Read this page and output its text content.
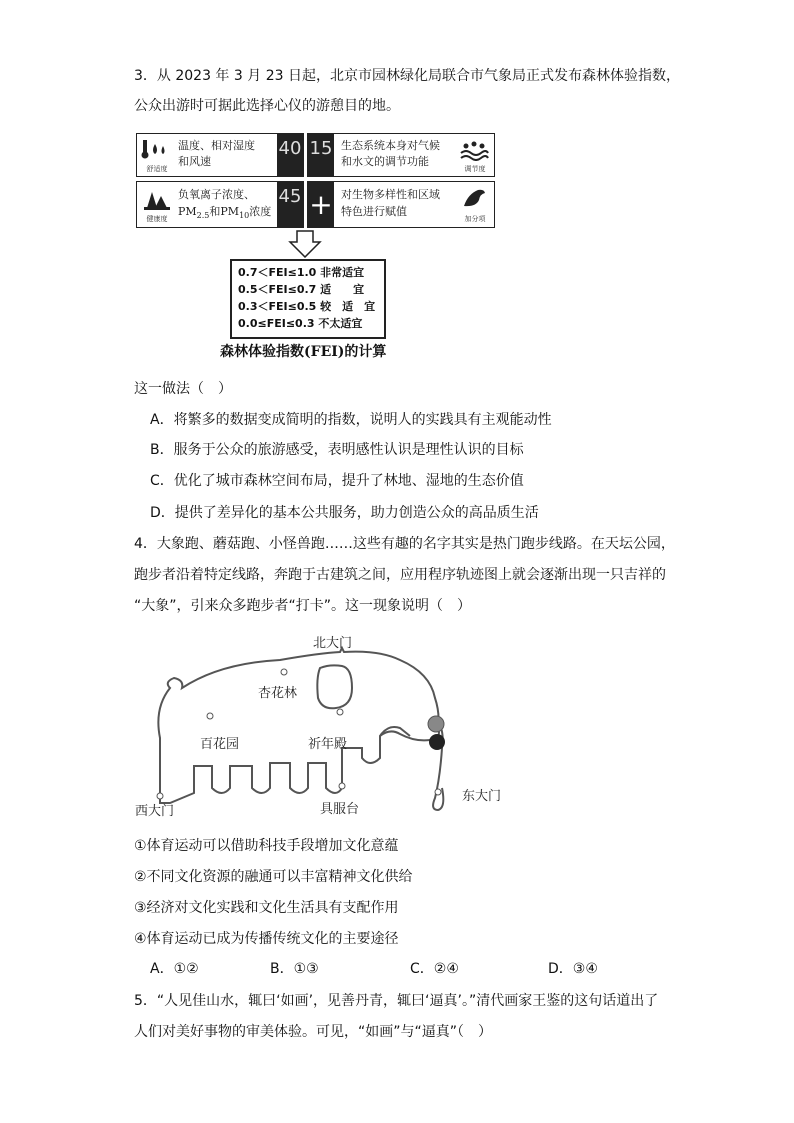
3．从 2023 年 3 月 23 日起，北京市园林绿化局联合市气象局正式发布森林体验指数，
公众出游时可据此选择心仪的游憩目的地。
舒适度
温度、相对湿度
和风速
40 15 生态系统本身对气候
和水文的调节功能
调节度
健康度
负氧离子浓度、
$PM_{2.5}$和$PM_{10}$浓度
45 + 对生物多样性和区域
特色进行赋值
加分项
0.7＜FEI≤1.0 非常适宜
0.5＜FEI≤0.7 适　　宜
0.3＜FEI≤0.5 较　适　宜
0.0≤FEI≤0.3 不太适宜
森林体验指数(FEI)的计算
这一做法（　）
A．将繁多的数据变成简明的指数，说明人的实践具有主观能动性
B．服务于公众的旅游感受，表明感性认识是理性认识的目标
C．优化了城市森林空间布局，提升了林地、湿地的生态价值
D．提供了差异化的基本公共服务，助力创造公众的高品质生活
4．大象跑、蘑菇跑、小怪兽跑……这些有趣的名字其实是热门跑步线路。在天坛公园，
跑步者沿着特定线路，奔跑于古建筑之间，应用程序轨迹图上就会逐渐出现一只吉祥的
“大象”，引来众多跑步者“打卡”。这一现象说明（　）
北大门
杏花林
百花园	祈年殿
西大门	具服台
东大门
①体育运动可以借助科技手段增加文化意蕴
②不同文化资源的融通可以丰富精神文化供给
③经济对文化实践和文化生活具有支配作用
④体育运动已成为传播传统文化的主要途径
A．①②	B．①③	C．②④	D．③④
5．“人见佳山水，辄曰‘如画’，见善丹青，辄曰‘逼真’。”清代画家王鉴的这句话道出了
人们对美好事物的审美体验。可见，“如画”与“逼真”（　）
